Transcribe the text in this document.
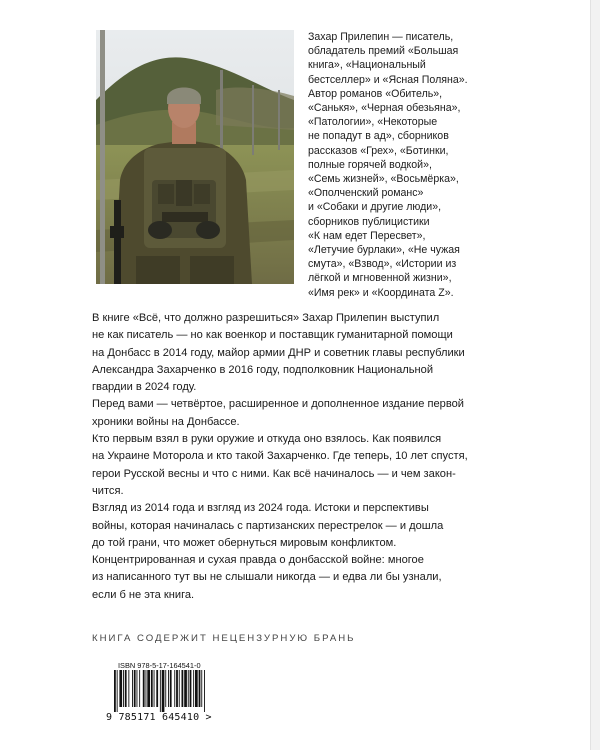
Захар Прилепин — писатель,
обладатель премий «Большая
книга», «Национальный
бестселлер» и «Ясная Поляна».
Автор романов «Обитель»,
«Санькя», «Черная обезьяна»,
«Патологии», «Некоторые
не попадут в ад», сборников
рассказов «Грех», «Ботинки,
полные горячей водкой»,
«Семь жизней», «Восьмёрка»,
«Ополченский романс»
и «Собаки и другие люди»,
сборников публицистики
«К нам едет Пересвет»,
«Летучие бурлаки», «Не чужая
смута», «Взвод», «Истории из
лёгкой и мгновенной жизни»,
«Имя рек» и «Координата Z».
В книге «Всё, что должно разрешиться» Захар Прилепин выступил
не как писатель — но как военкор и поставщик гуманитарной помощи
на Донбасс в 2014 году, майор армии ДНР и советник главы республики
Александра Захарченко в 2016 году, подполковник Национальной
гвардии в 2024 году.
Перед вами — четвёртое, расширенное и дополненное издание первой
хроники войны на Донбассе.
Кто первым взял в руки оружие и откуда оно взялось. Как появился
на Украине Моторола и кто такой Захарченко. Где теперь, 10 лет спустя,
герои Русской весны и что с ними. Как всё начиналось — и чем закон-
чится.
Взгляд из 2014 года и взгляд из 2024 года. Истоки и перспективы
войны, которая начиналась с партизанских перестрелок — и дошла
до той грани, что может обернуться мировым конфликтом.
Концентрированная и сухая правда о донбасской войне: многое
из написанного тут вы не слышали никогда — и едва ли бы узнали,
если б не эта книга.
КНИГА СОДЕРЖИТ НЕЦЕНЗУРНУЮ БРАНЬ
ISBN 978-5-17-164541-0
9 785171 645410 >
